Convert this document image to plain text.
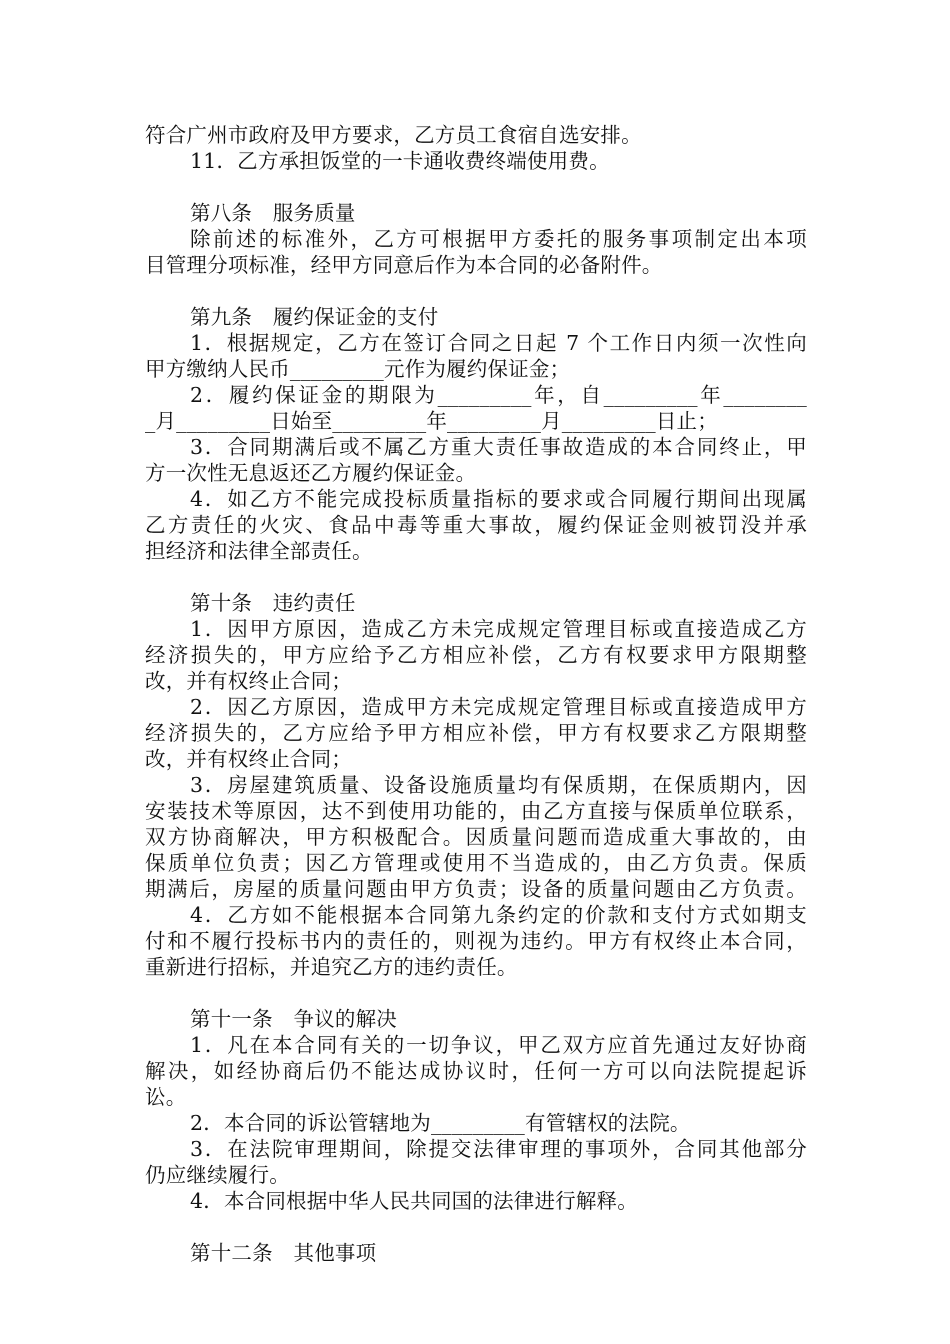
符合广州市政府及甲方要求，乙方员工食宿自选安排。
11．乙方承担饭堂的一卡通收费终端使用费。
第八条　服务质量
除前述的标准外，乙方可根据甲方委托的服务事项制定出本项
目管理分项标准，经甲方同意后作为本合同的必备附件。
第九条　履约保证金的支付
1．根据规定，乙方在签订合同之日起 7 个工作日内须一次性向
甲方缴纳人民币_________元作为履约保证金；
2．履约保证金的期限为_________年，自_________年________
_月_________日始至_________年_________月_________日止；
3．合同期满后或不属乙方重大责任事故造成的本合同终止，甲
方一次性无息返还乙方履约保证金。
4．如乙方不能完成投标质量指标的要求或合同履行期间出现属
乙方责任的火灾、食品中毒等重大事故，履约保证金则被罚没并承
担经济和法律全部责任。
第十条　违约责任
1．因甲方原因，造成乙方未完成规定管理目标或直接造成乙方
经济损失的，甲方应给予乙方相应补偿，乙方有权要求甲方限期整
改，并有权终止合同；
2．因乙方原因，造成甲方未完成规定管理目标或直接造成甲方
经济损失的，乙方应给予甲方相应补偿，甲方有权要求乙方限期整
改，并有权终止合同；
3．房屋建筑质量、设备设施质量均有保质期，在保质期内，因
安装技术等原因，达不到使用功能的，由乙方直接与保质单位联系，
双方协商解决，甲方积极配合。因质量问题而造成重大事故的，由
保质单位负责；因乙方管理或使用不当造成的，由乙方负责。保质
期满后，房屋的质量问题由甲方负责；设备的质量问题由乙方负责。
4．乙方如不能根据本合同第九条约定的价款和支付方式如期支
付和不履行投标书内的责任的，则视为违约。甲方有权终止本合同，
重新进行招标，并追究乙方的违约责任。
第十一条　争议的解决
1．凡在本合同有关的一切争议，甲乙双方应首先通过友好协商
解决，如经协商后仍不能达成协议时，任何一方可以向法院提起诉
讼。
2．本合同的诉讼管辖地为_________有管辖权的法院。
3．在法院审理期间，除提交法律审理的事项外，合同其他部分
仍应继续履行。
4．本合同根据中华人民共同国的法律进行解释。
第十二条　其他事项
